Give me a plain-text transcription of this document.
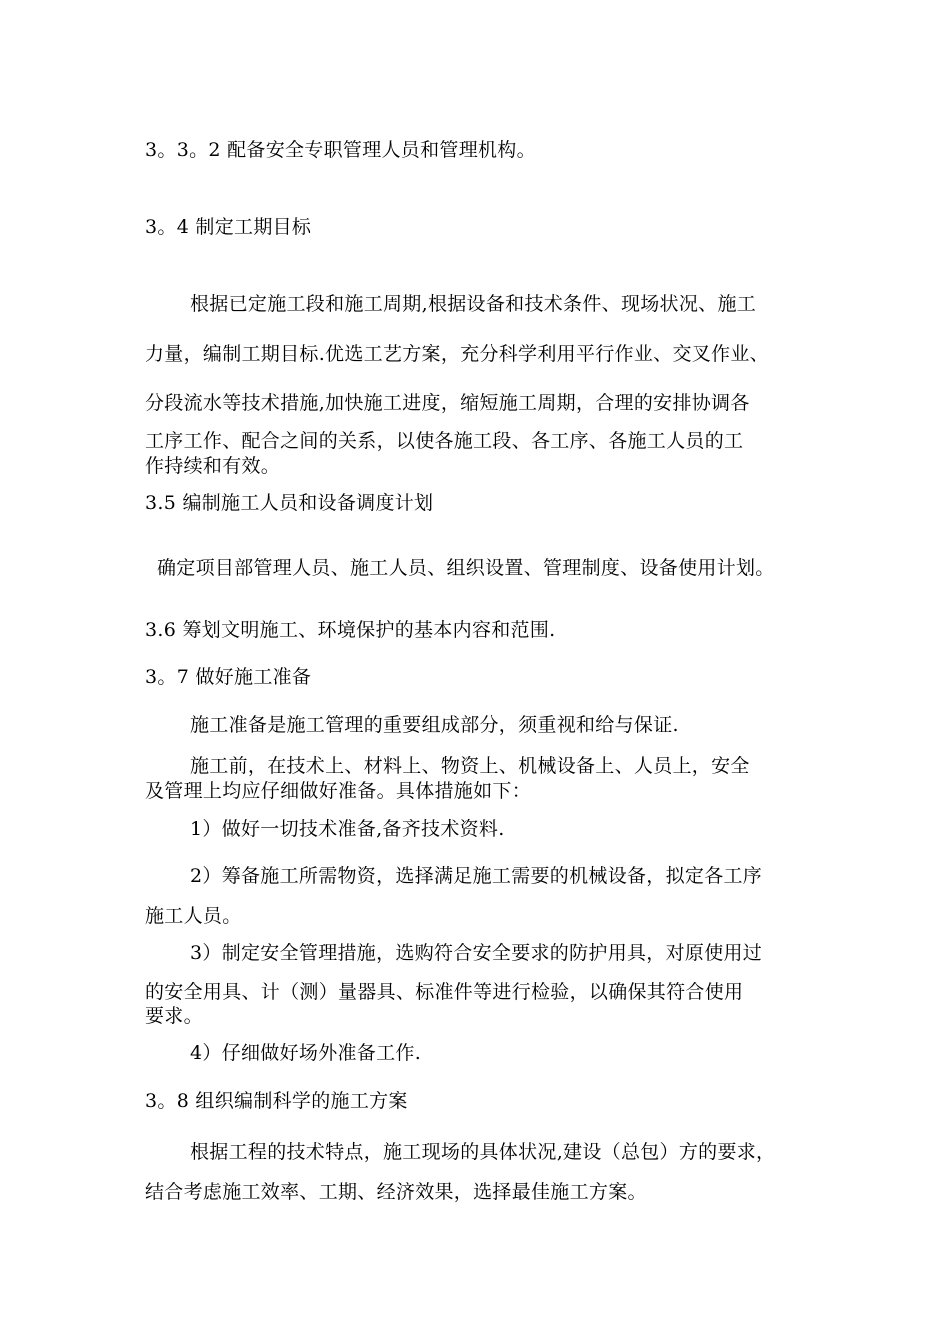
3。3。2 配备安全专职管理人员和管理机构。
3。4 制定工期目标
根据已定施工段和施工周期,根据设备和技术条件、现场状况、施工
力量，编制工期目标.优选工艺方案，充分科学利用平行作业、交叉作业、
分段流水等技术措施,加快施工进度，缩短施工周期，合理的安排协调各
工序工作、配合之间的关系，以使各施工段、各工序、各施工人员的工
作持续和有效。
3.5 编制施工人员和设备调度计划
确定项目部管理人员、施工人员、组织设置、管理制度、设备使用计划。
3.6 筹划文明施工、环境保护的基本内容和范围.
3。7 做好施工准备
施工准备是施工管理的重要组成部分，须重视和给与保证.
施工前，在技术上、材料上、物资上、机械设备上、人员上，安全
及管理上均应仔细做好准备。具体措施如下：
1）做好一切技术准备,备齐技术资料.
2）筹备施工所需物资，选择满足施工需要的机械设备，拟定各工序
施工人员。
3）制定安全管理措施，选购符合安全要求的防护用具，对原使用过
的安全用具、计（测）量器具、标准件等进行检验，以确保其符合使用
要求。
4）仔细做好场外准备工作.
3。8 组织编制科学的施工方案
根据工程的技术特点，施工现场的具体状况,建设（总包）方的要求，
结合考虑施工效率、工期、经济效果，选择最佳施工方案。
